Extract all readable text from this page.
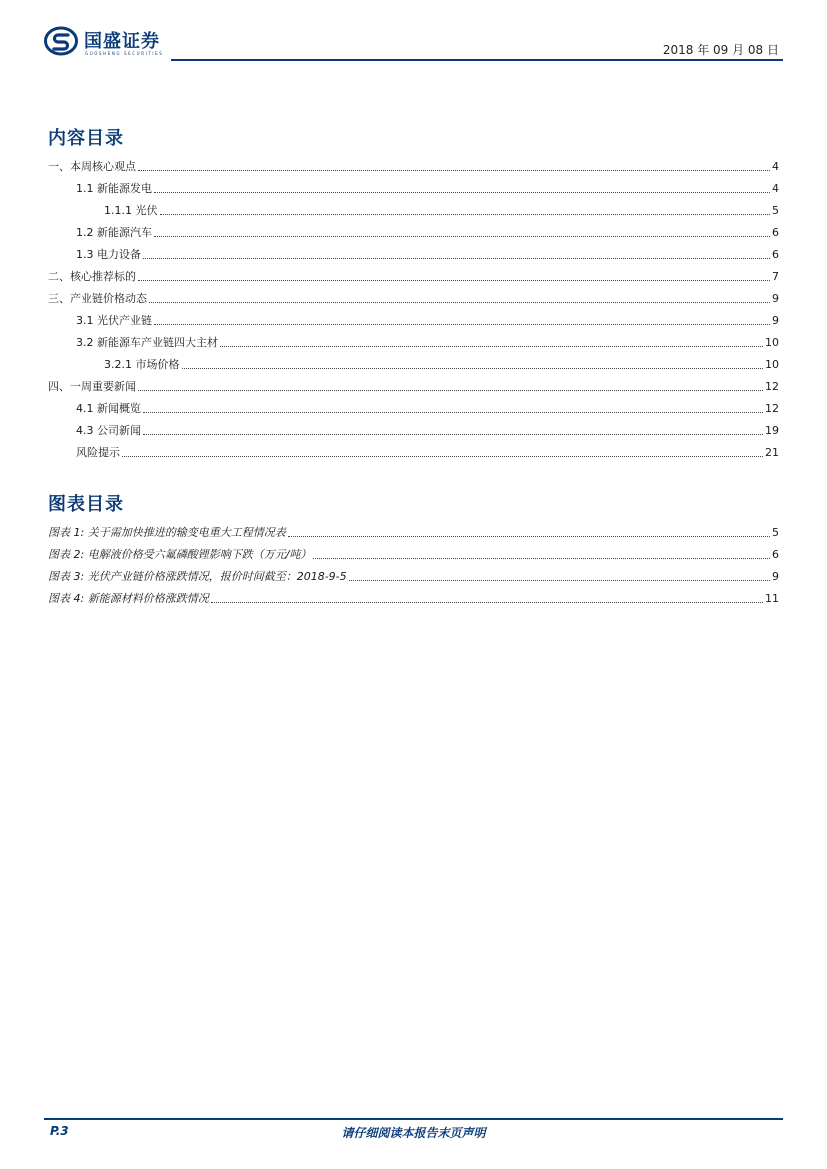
国盛证券
GUOSHENG SECURITIES	2018 年 09 月 08 日
内容目录
一、本周核心观点	4
1.1 新能源发电	4
1.1.1 光伏	5
1.2 新能源汽车	6
1.3 电力设备	6
二、核心推荐标的	7
三、产业链价格动态	9
3.1 光伏产业链	9
3.2 新能源车产业链四大主材	10
3.2.1 市场价格	10
四、一周重要新闻	12
4.1 新闻概览	12
4.3 公司新闻	19
风险提示	21
图表目录
图表 1: 关于需加快推进的输变电重大工程情况表	5
图表 2: 电解液价格受六氟磷酸锂影响下跌（万元/吨）	6
图表 3: 光伏产业链价格涨跌情况，报价时间截至：2018-9-5	9
图表 4: 新能源材料价格涨跌情况	11
P.3	请仔细阅读本报告末页声明
